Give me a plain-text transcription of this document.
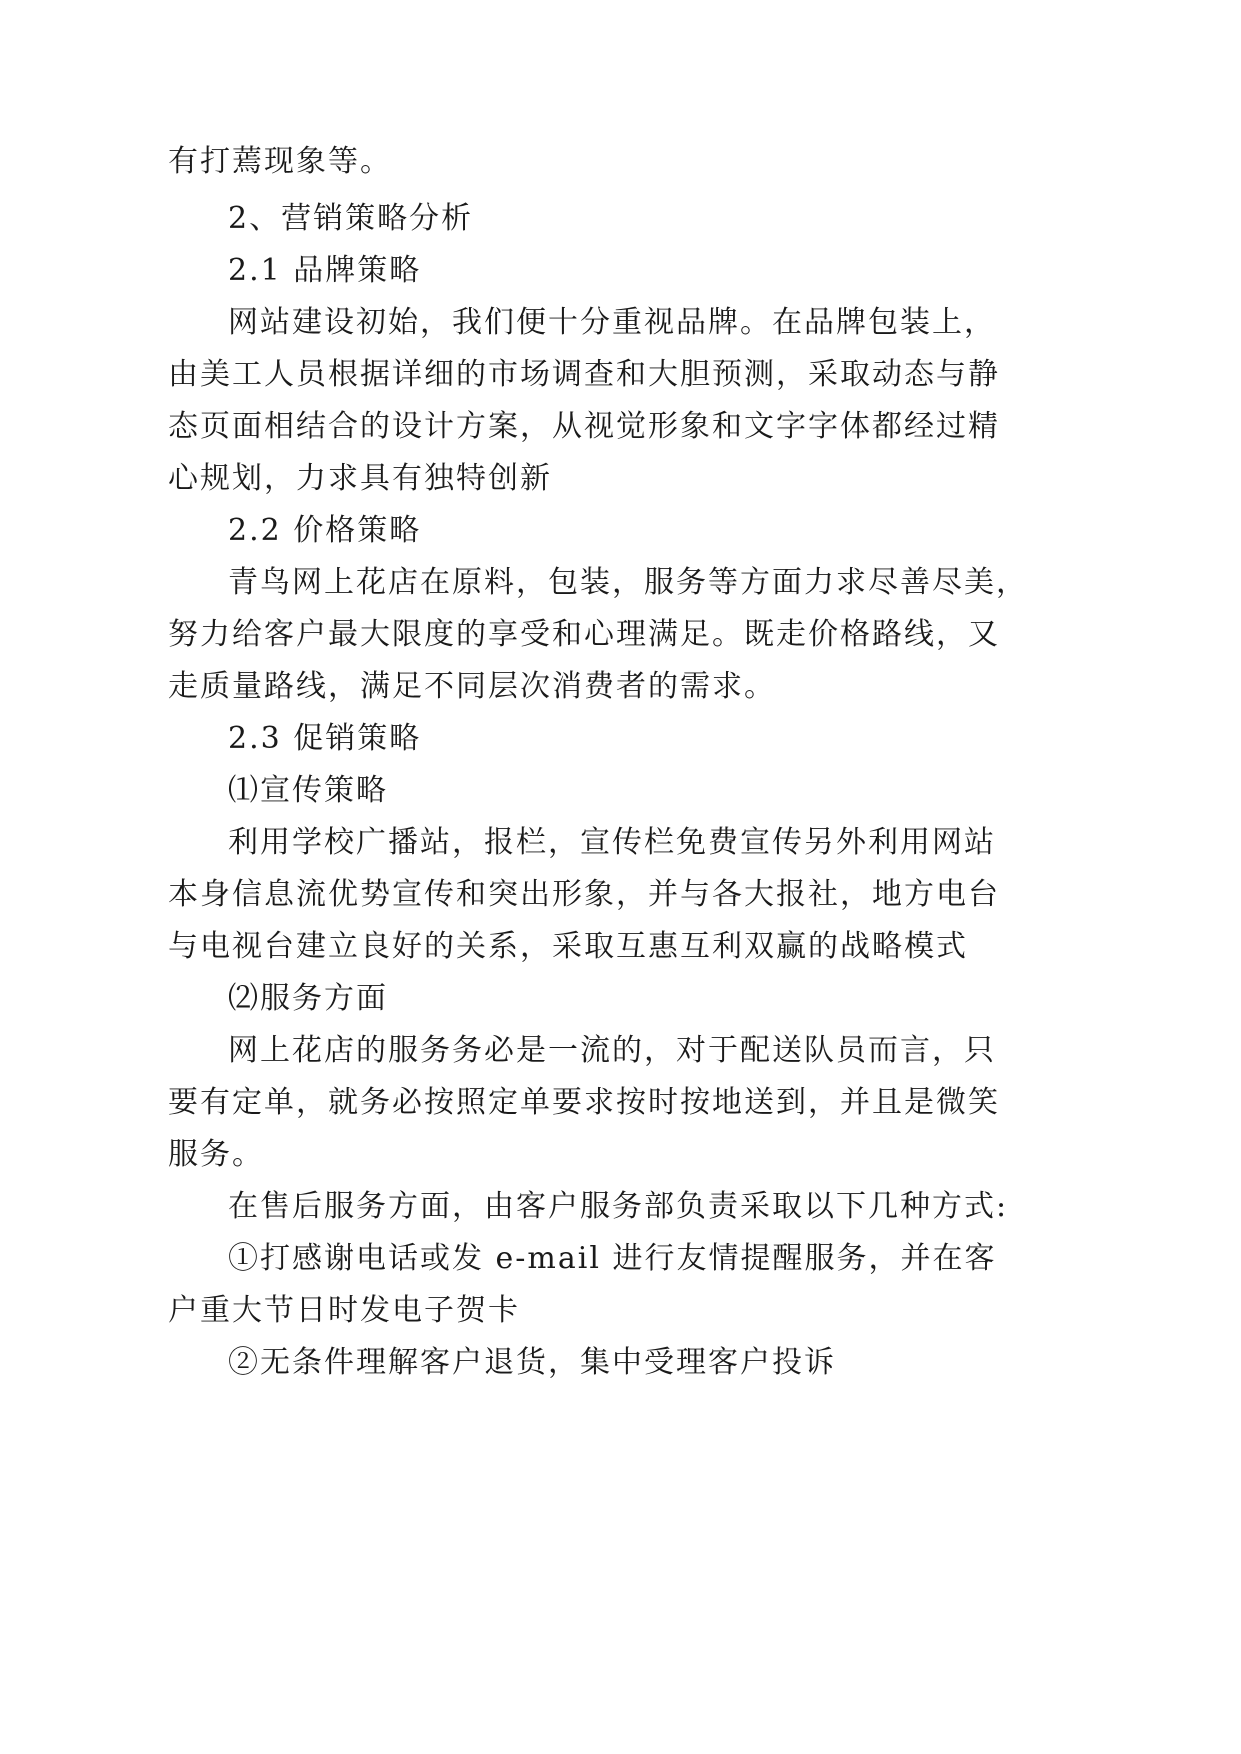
有打蔫现象等。
2、营销策略分析
2.1 品牌策略
网站建设初始，我们便十分重视品牌。在品牌包装上，
由美工人员根据详细的市场调查和大胆预测，采取动态与静
态页面相结合的设计方案，从视觉形象和文字字体都经过精
心规划，力求具有独特创新
2.2 价格策略
青鸟网上花店在原料，包装，服务等方面力求尽善尽美，
努力给客户最大限度的享受和心理满足。既走价格路线，又
走质量路线，满足不同层次消费者的需求。
2.3 促销策略
⑴宣传策略
利用学校广播站，报栏，宣传栏免费宣传另外利用网站
本身信息流优势宣传和突出形象，并与各大报社，地方电台
与电视台建立良好的关系，采取互惠互利双赢的战略模式
⑵服务方面
网上花店的服务务必是一流的，对于配送队员而言，只
要有定单，就务必按照定单要求按时按地送到，并且是微笑
服务。
在售后服务方面，由客户服务部负责采取以下几种方式:
①打感谢电话或发 e-mail 进行友情提醒服务，并在客
户重大节日时发电子贺卡
②无条件理解客户退货，集中受理客户投诉
